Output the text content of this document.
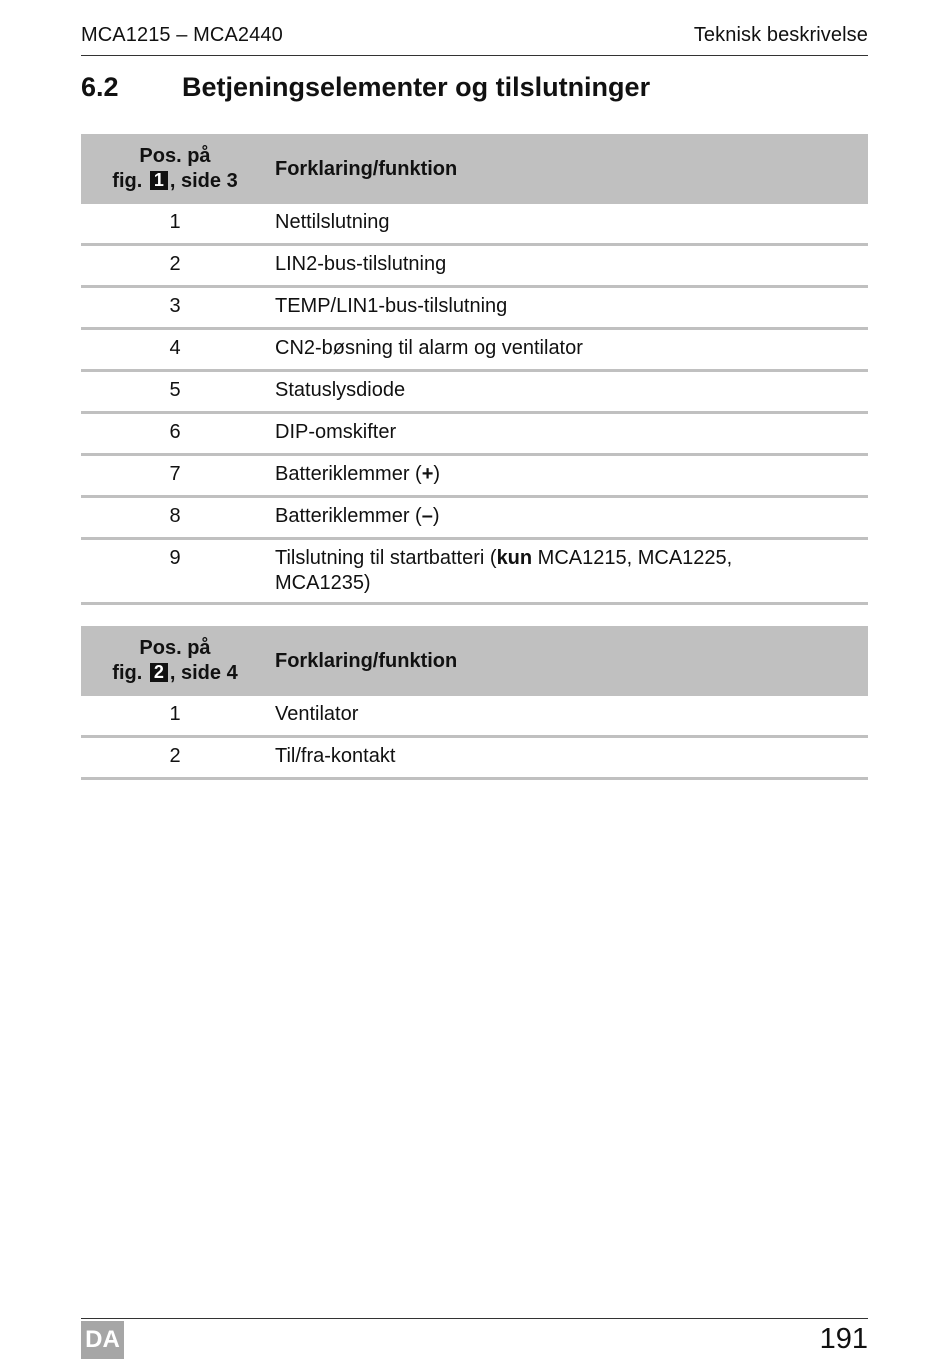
MCA1215 – MCA2440	Teknisk beskrivelse
6.2	Betjeningselementer og tilslutninger
Pos. på
fig. 1 , side 3	Forklaring/funktion
1	Nettilslutning
2	LIN2-bus-tilslutning
3	TEMP/LIN1-bus-tilslutning
4	CN2-bøsning til alarm og ventilator
5	Statuslysdiode
6	DIP-omskifter
7	Batteriklemmer (+)
8	Batteriklemmer (–)
9	Tilslutning til startbatteri (kun MCA1215, MCA1225, MCA1235)
Pos. på
fig. 2 , side 4	Forklaring/funktion
1	Ventilator
2	Til/fra-kontakt
DA	191
